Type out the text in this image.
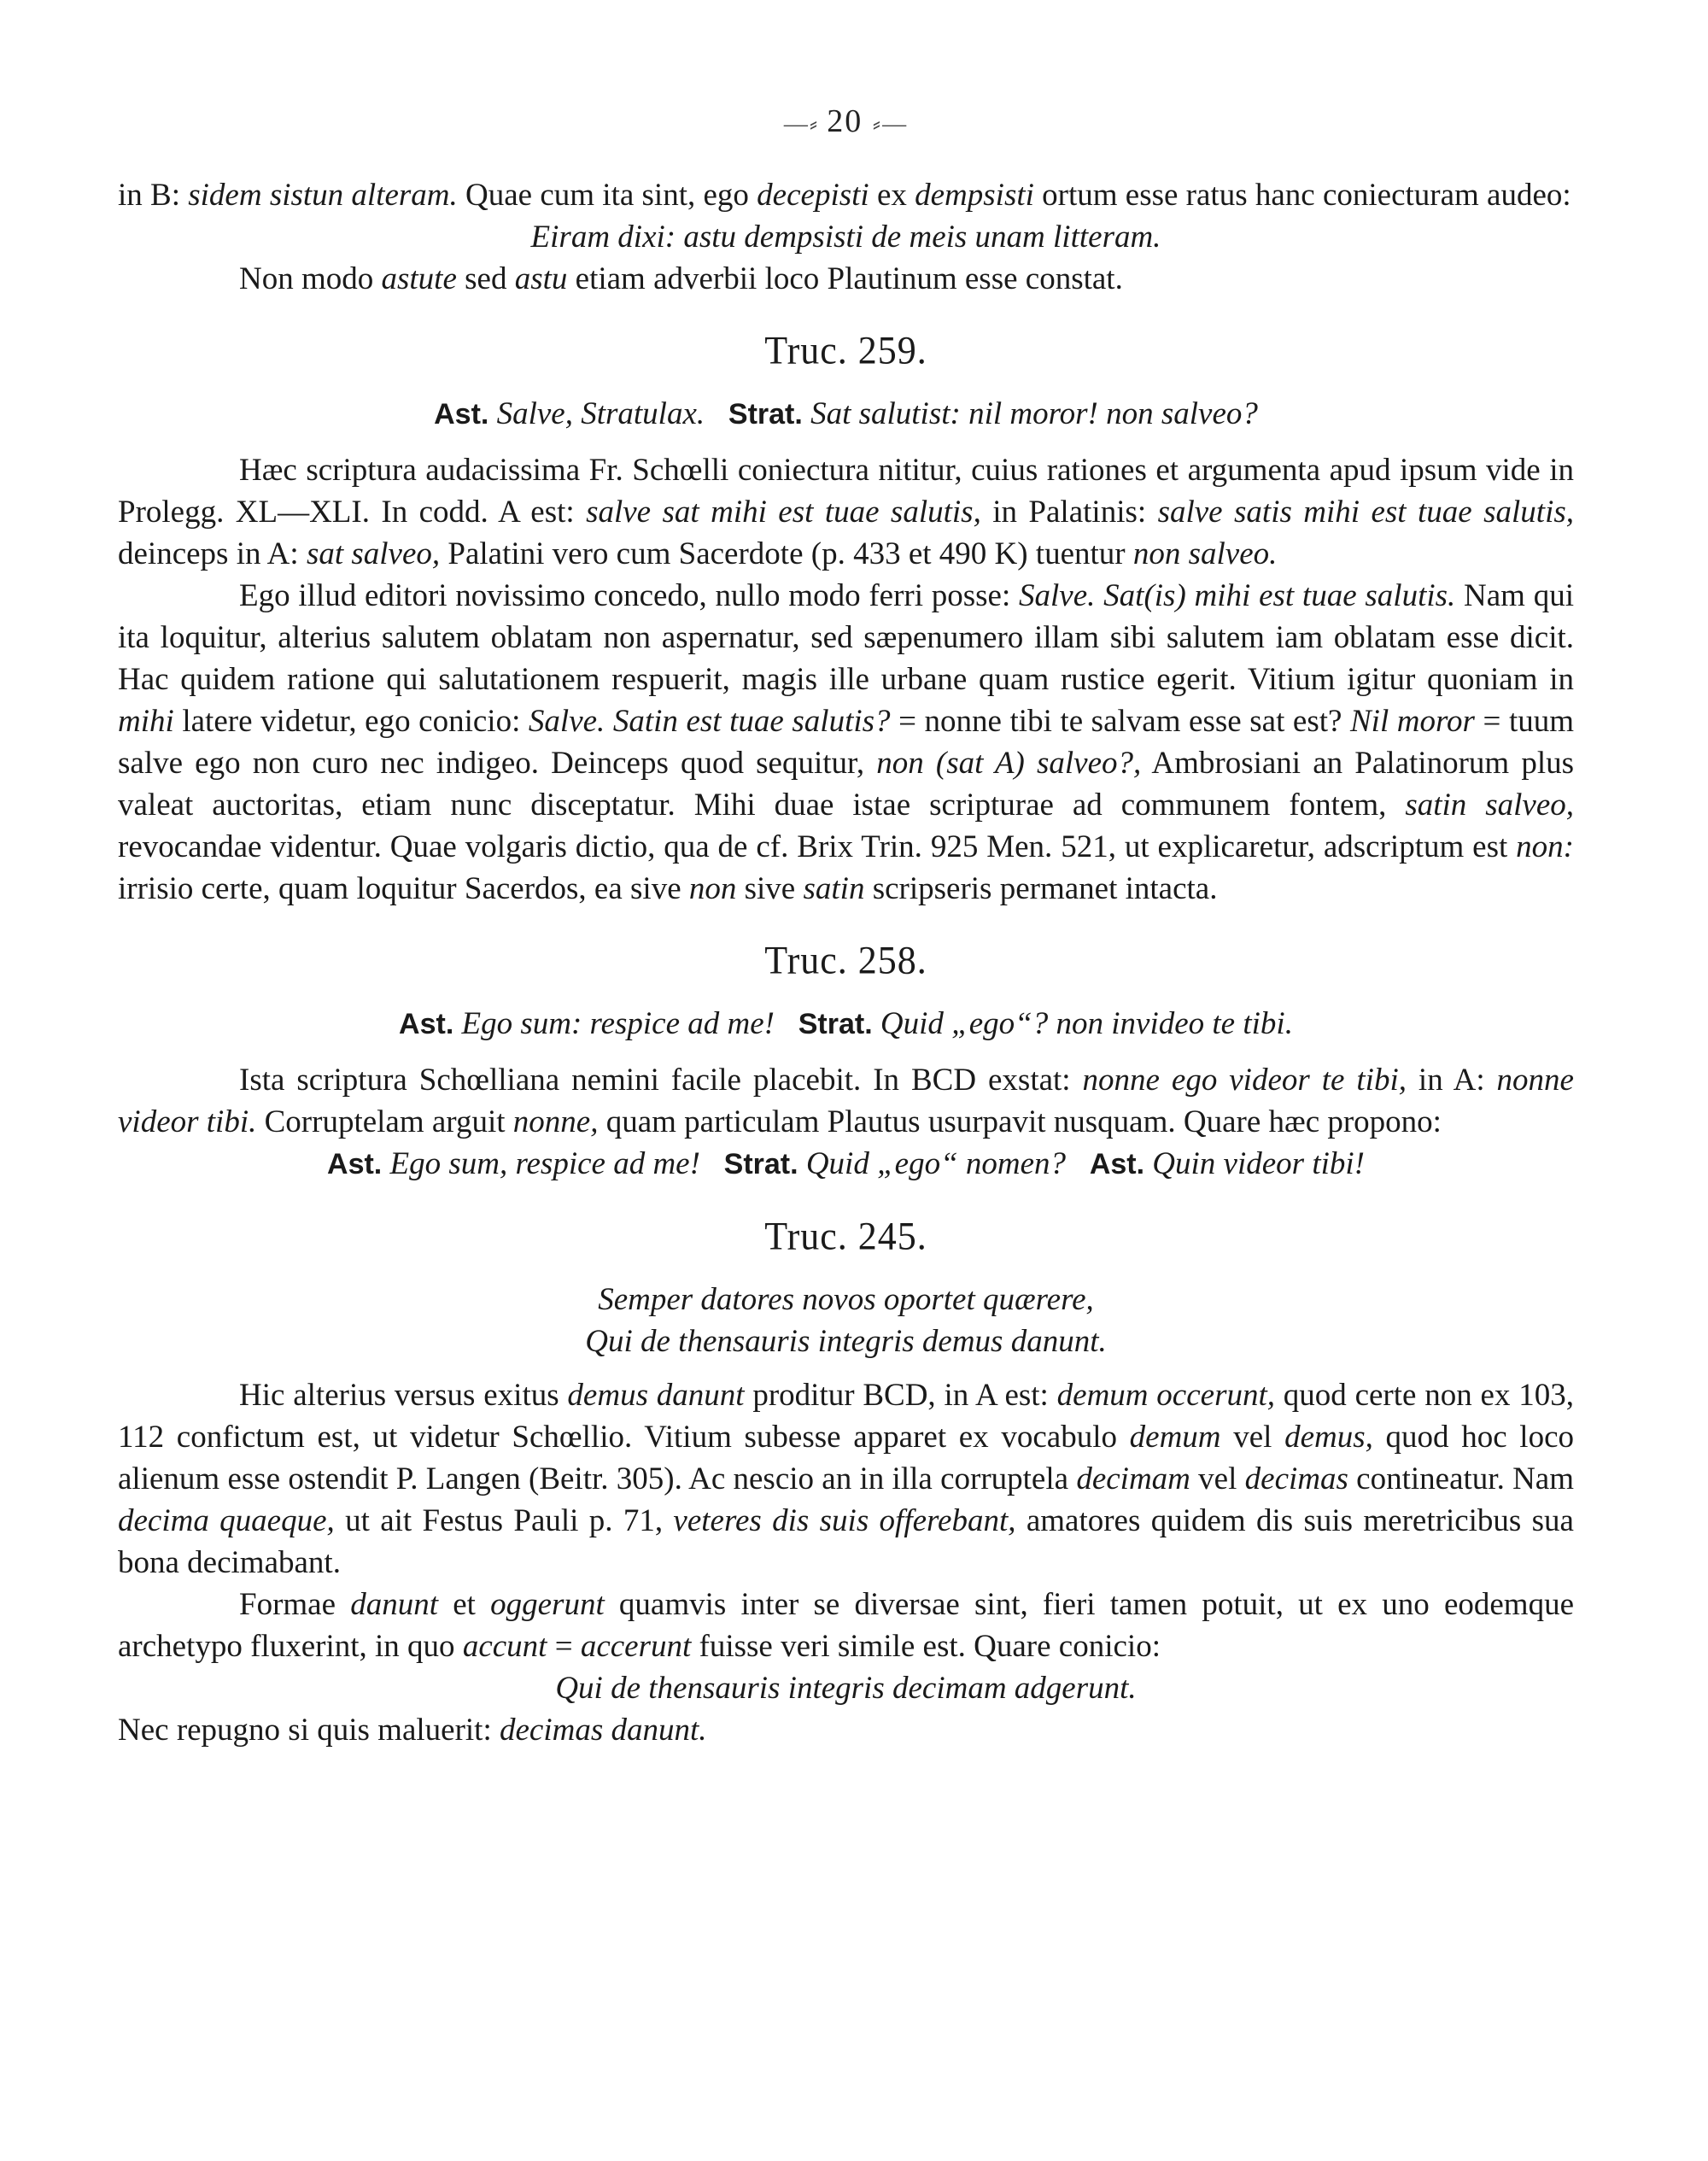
—⸗ 20 ⸗—

in B: sidem sistun alteram. Quae cum ita sint, ego decepisti ex dempsisti ortum esse ratus hanc coniecturam audeo:

Eiram dixi: astu dempsisti de meis unam litteram.

Non modo astute sed astu etiam adverbii loco Plautinum esse constat.

Truc. 259.
Ast. Salve, Stratulax. Strat. Sat salutist: nil moror! non salveo?

Hæc scriptura audacissima Fr. Schœlli coniectura nititur, cuius rationes et argumenta apud ipsum vide in Prolegg. XL—XLI. In codd. A est: salve sat mihi est tuae salutis, in Palatinis: salve satis mihi est tuae salutis, deinceps in A: sat salveo, Palatini vero cum Sacerdote (p. 433 et 490 K) tuentur non salveo.

Ego illud editori novissimo concedo, nullo modo ferri posse: Salve. Sat(is) mihi est tuae salutis. Nam qui ita loquitur, alterius salutem oblatam non aspernatur, sed sæpenumero illam sibi salutem iam oblatam esse dicit. Hac quidem ratione qui salutationem respuerit, magis ille urbane quam rustice egerit. Vitium igitur quoniam in mihi latere videtur, ego conicio: Salve. Satin est tuae salutis? = nonne tibi te salvam esse sat est? Nil moror = tuum salve ego non curo nec indigeo. Deinceps quod sequitur, non (sat A) salveo?, Ambrosiani an Palatinorum plus valeat auctoritas, etiam nunc disceptatur. Mihi duae istae scripturae ad communem fontem, satin salveo, revocandae videntur. Quae volgaris dictio, qua de cf. Brix Trin. 925 Men. 521, ut explicaretur, adscriptum est non: irrisio certe, quam loquitur Sacerdos, ea sive non sive satin scripseris permanet intacta.

Truc. 258.
Ast. Ego sum: respice ad me! Strat. Quid „ego“? non invideo te tibi.

Ista scriptura Schœlliana nemini facile placebit. In BCD exstat: nonne ego videor te tibi, in A: nonne videor tibi. Corruptelam arguit nonne, quam particulam Plautus usurpavit nusquam. Quare hæc propono:

Ast. Ego sum, respice ad me! Strat. Quid „ego“ nomen? Ast. Quin videor tibi!
Truc. 245.
Semper datores novos oportet quærere,
Qui de thensauris integris demus danunt.

Hic alterius versus exitus demus danunt proditur BCD, in A est: demum occerunt, quod certe non ex 103, 112 confictum est, ut videtur Schœllio. Vitium subesse apparet ex vocabulo demum vel demus, quod hoc loco alienum esse ostendit P. Langen (Beitr. 305). Ac nescio an in illa corruptela decimam vel decimas contineatur. Nam decima quaeque, ut ait Festus Pauli p. 71, veteres dis suis offerebant, amatores quidem dis suis meretricibus sua bona decimabant.

Formae danunt et oggerunt quamvis inter se diversae sint, fieri tamen potuit, ut ex uno eodemque archetypo fluxerint, in quo accunt = accerunt fuisse veri simile est. Quare conicio:

Qui de thensauris integris decimam adgerunt.

Nec repugno si quis maluerit: decimas danunt.
